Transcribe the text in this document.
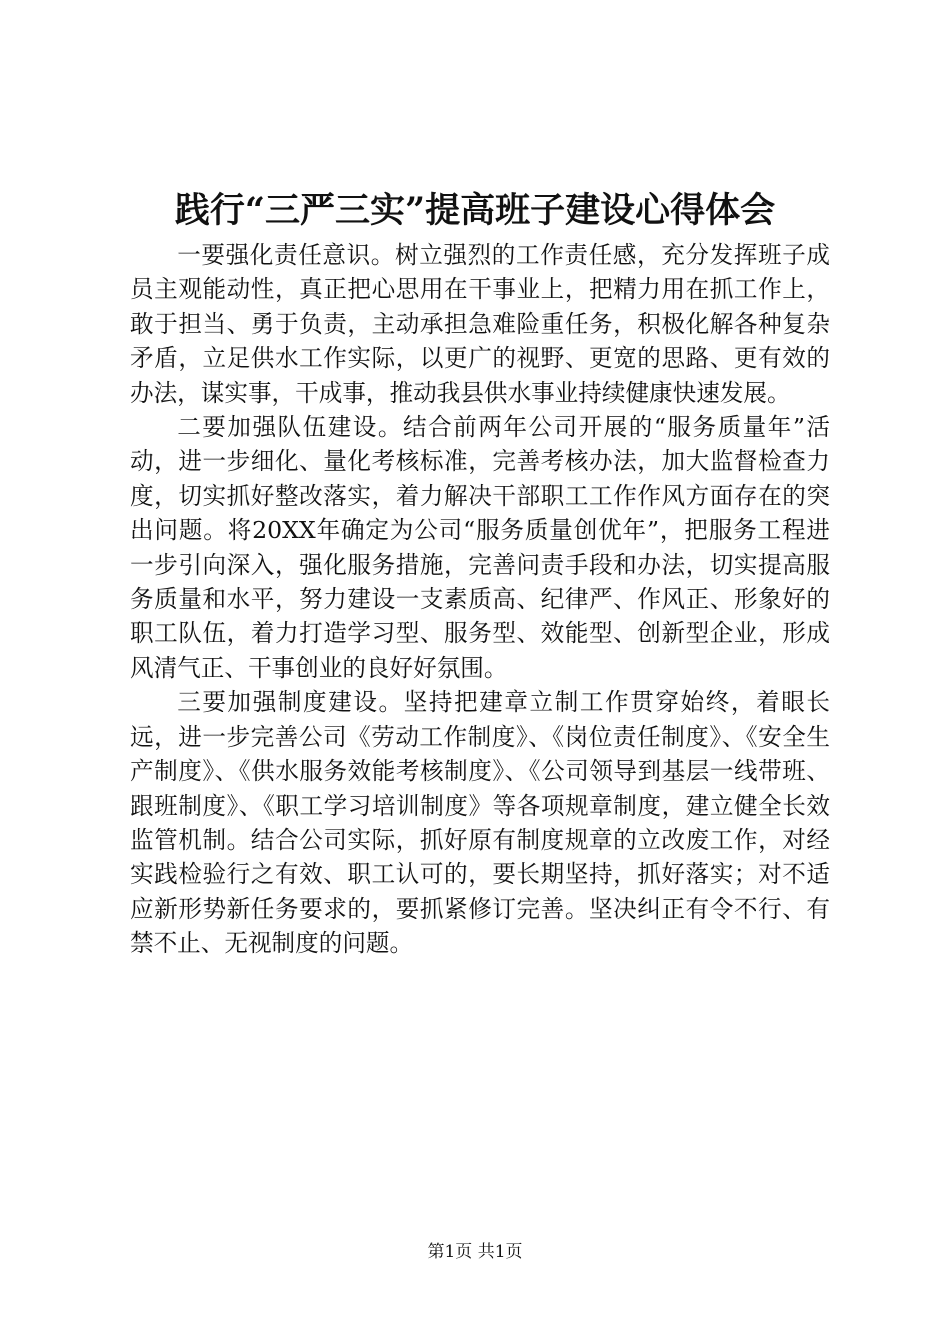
践行“三严三实”提高班子建设心得体会

一要强化责任意识。树立强烈的工作责任感，充分发挥班子成员主观能动性，真正把心思用在干事业上，把精力用在抓工作上，敢于担当、勇于负责，主动承担急难险重任务，积极化解各种复杂矛盾，立足供水工作实际，以更广的视野、更宽的思路、更有效的办法，谋实事，干成事，推动我县供水事业持续健康快速发展。

二要加强队伍建设。结合前两年公司开展的“服务质量年”活动，进一步细化、量化考核标准，完善考核办法，加大监督检查力度，切实抓好整改落实，着力解决干部职工工作作风方面存在的突出问题。将20XX年确定为公司“服务质量创优年”，把服务工程进一步引向深入，强化服务措施，完善问责手段和办法，切实提高服务质量和水平，努力建设一支素质高、纪律严、作风正、形象好的职工队伍，着力打造学习型、服务型、效能型、创新型企业，形成风清气正、干事创业的良好好氛围。

三要加强制度建设。坚持把建章立制工作贯穿始终，着眼长远，进一步完善公司《劳动工作制度》、《岗位责任制度》、《安全生产制度》、《供水服务效能考核制度》、《公司领导到基层一线带班、跟班制度》、《职工学习培训制度》等各项规章制度，建立健全长效监管机制。结合公司实际，抓好原有制度规章的立改废工作，对经实践检验行之有效、职工认可的，要长期坚持，抓好落实；对不适应新形势新任务要求的，要抓紧修订完善。坚决纠正有令不行、有禁不止、无视制度的问题。

第1页 共1页
